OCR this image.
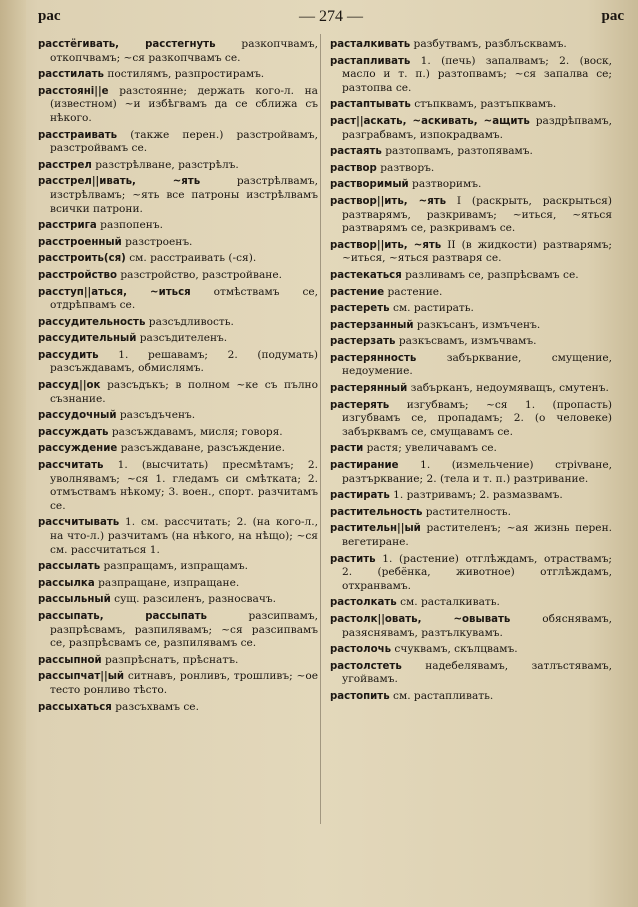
рас	— 274 —	рас
расстёгивать, расстегнуть разкопчвамъ, откопчвамъ; ~ся разкопчвамъ се.
расстилать постилямъ, разпростирамъ.
расстоянi||е разстоянне; держать кого-л. на (известном) ~и избѣгвамъ да се сближа съ нѣкого.
расстраивать (также перен.) разстройвамъ, разстройвамъ се.
расстрел разстрѣлване, разстрѣлъ.
расстрел||ивать, ~ять	разстрѣлвамъ, изстрѣлвамъ; ~ять все патроны изстрѣлвамъ всички патрони.
расстрига разпопенъ.
расстроенный разстроенъ.
расстроить(ся) см. расстраивать (-ся).
расстройство разстройство, разстройване.
расступ||аться, ~иться отмѣствамъ се, отдрѣпвамъ се.
рассудительность разсъдливость.
рассудительный разсъдителенъ.
рассудить 1. решавамъ; 2. (подумать) разсъждавамъ, обмислямъ.
рассуд||ок разсъдъкъ; в полном ~ке съ пълно съзнание.
рассудочный разсъдъченъ.
рассуждать разсъждавамъ, мисля; говоря.
рассуждение разсъждаване, разсъждение.
рассчитать 1. (высчитать) пресмѣтамъ; 2. уволнявамъ; ~ся 1. гледамъ си смѣтката; 2. отмъствамъ нѣкому; 3. воен., спорт. разчитамъ се.
рассчитывать 1. см. рассчитать; 2. (на кого-л., на что-л.) разчитамъ (на нѣкого, на нѣщо); ~ся см. рассчитаться 1.
рассылать разпращамъ, изпращамъ.
рассылка разпращане, изпращане.
рассыльный сущ. разсиленъ, разносвачъ.
рассыпать, рассыпать	разсипвамъ, разпрѣсвамъ, разпилявамъ; ~ся разсипвамъ се, разпрѣсвамъ се, разпилявамъ се.
рассыпной разпрѣснатъ, прѣснатъ.
рассыпчат||ый ситнавъ, ронливъ, трошливъ; ~ое тесто ронливо тѣсто.
рассыхаться разсъхвамъ се.
расталкивать разбутвамъ, разблъсквамъ.
растапливать 1. (печь) запалвамъ; 2. (воск, масло и т. п.) разтопвамъ; ~ся запалва се; разтопва се.
растаптывать стъпквамъ, разтъпквамъ.
раст||аскать, ~аскивать, ~ащить раздрѣпвамъ, разграбвамъ, изпокрадвамъ.
растаять разтопвамъ, разтопявамъ.
раствор разтворъ.
растворимый разтворимъ.
раствор||ить, ~ять I (раскрыть, раскрыться) разтварямъ, разкривамъ; ~иться, ~яться разтварямъ се, разкривамъ се.
раствор||ить, ~ять II (в жидкости) разтварямъ; ~иться, ~яться разтваря се.
растекаться разливамъ се, разпрѣсвамъ се.
растение растение.
растереть см. растирать.
растерзанный разкъсанъ, измъченъ.
растерзать разкъсвамъ, измъчвамъ.
растерянность	забърквание, смущение, недоумение.
растерянный забърканъ, недоумяващъ, смутенъ.
растерять изгубвамъ; ~ся 1. (пропасть) изгубвамъ се, пропадамъ; 2. (о человеке) забърквамъ се, смущавамъ се.
расти растя; увеличавамъ се.
растирание 1. (измельчение) стрivване, разтърквание; 2. (тела и т. п.) разтривание.
растирать 1. разтривамъ; 2. размазвамъ.
растительность растителность.
растительн||ый растителенъ; ~ая жизнь перен. вегетиране.
растить 1. (растение) отглѣждамъ, отраствамъ; 2. (ребёнка, животное) отглѣждамъ, отхранвамъ.
растолкать см. расталкивать.
растолк||овать, ~овывать	обяснявамъ, разяснявамъ, разтълкувамъ.
растолочь счуквамъ, скълцвамъ.
растолстеть надебелявамъ, затлъстявамъ, угойвамъ.
растопить см. растапливать.
